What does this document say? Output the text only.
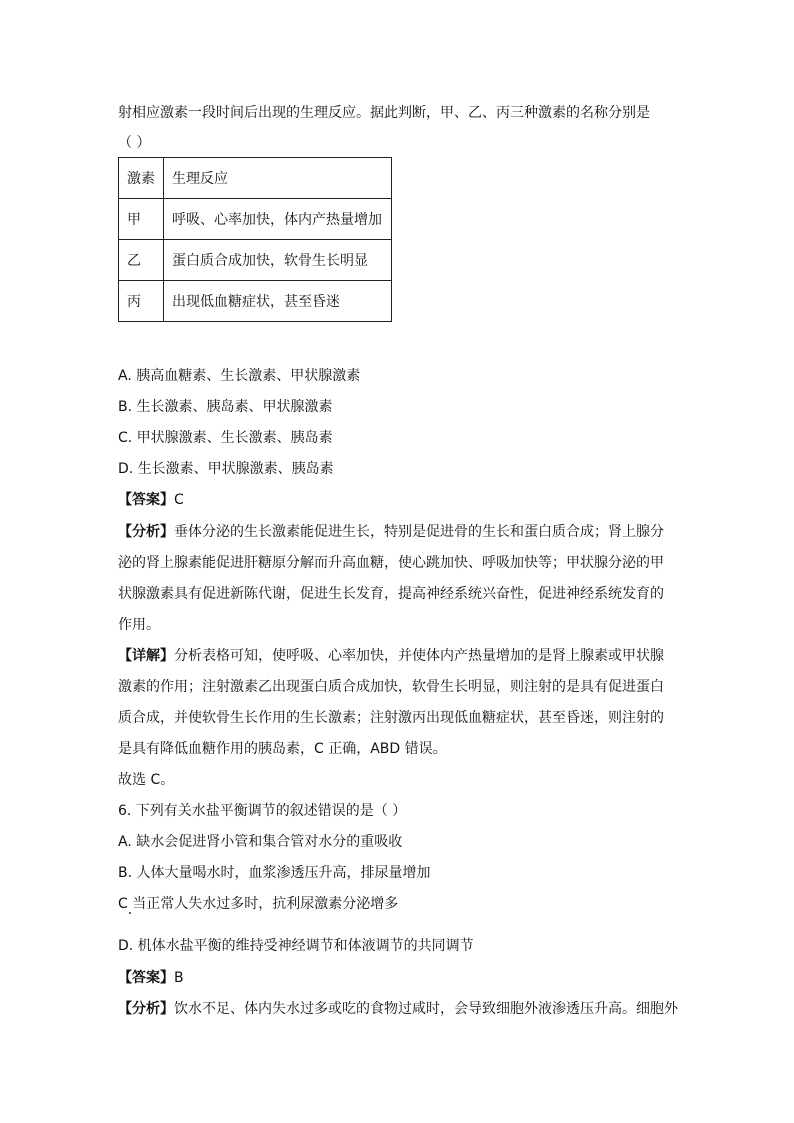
射相应激素一段时间后出现的生理反应。据此判断，甲、乙、丙三种激素的名称分别是
（ ）
激素	生理反应
甲	呼吸、心率加快，体内产热量增加
乙	蛋白质合成加快，软骨生长明显
丙	出现低血糖症状，甚至昏迷
A. 胰高血糖素、生长激素、甲状腺激素
B. 生长激素、胰岛素、甲状腺激素
C. 甲状腺激素、生长激素、胰岛素
D. 生长激素、甲状腺激素、胰岛素
【答案】C
【分析】垂体分泌的生长激素能促进生长，特别是促进骨的生长和蛋白质合成；肾上腺分
泌的肾上腺素能促进肝糖原分解而升高血糖，使心跳加快、呼吸加快等；甲状腺分泌的甲
状腺激素具有促进新陈代谢，促进生长发育，提高神经系统兴奋性，促进神经系统发育的
作用。
【详解】分析表格可知，使呼吸、心率加快，并使体内产热量增加的是肾上腺素或甲状腺
激素的作用；注射激素乙出现蛋白质合成加快，软骨生长明显，则注射的是具有促进蛋白
质合成，并使软骨生长作用的生长激素；注射激丙出现低血糖症状，甚至昏迷，则注射的
是具有降低血糖作用的胰岛素，C 正确，ABD 错误。
故选 C。
6. 下列有关水盐平衡调节的叙述错误的是（ ）
A. 缺水会促进肾小管和集合管对水分的重吸收
B. 人体大量喝水时，血浆渗透压升高，排尿量增加
C 当正常人失水过多时，抗利尿激素分泌增多
D. 机体水盐平衡的维持受神经调节和体液调节的共同调节
【答案】B
【分析】饮水不足、体内失水过多或吃的食物过咸时，会导致细胞外液渗透压升高。细胞外
